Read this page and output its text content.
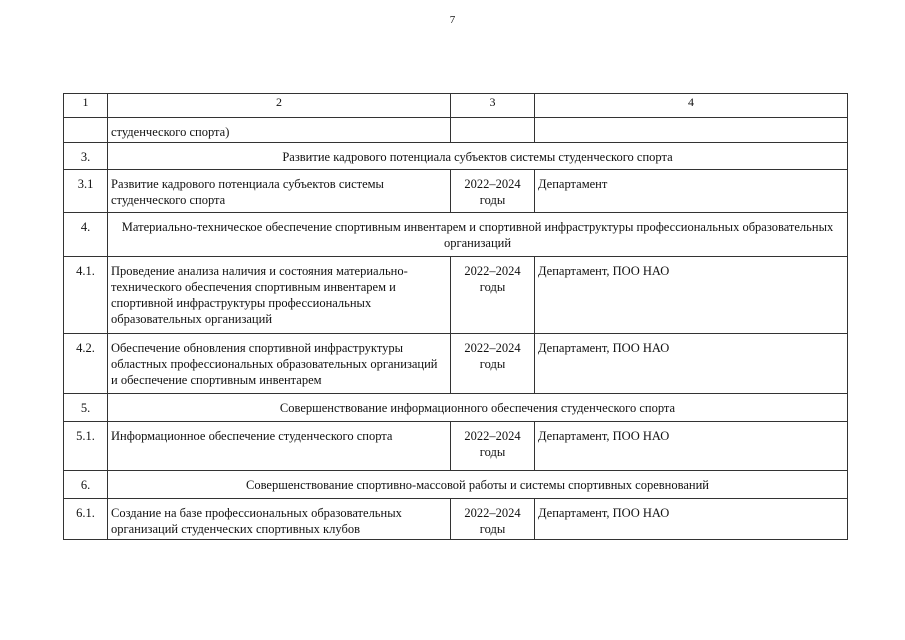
7
1	2	3	4
	студенческого спорта)		
3.	Развитие кадрового потенциала субъектов системы студенческого спорта		
3.1	Развитие кадрового потенциала субъектов системы студенческого спорта	2022–2024 годы	Департамент
4.	Материально-техническое обеспечение спортивным инвентарем и спортивной инфраструктуры профессиональных образовательных организаций		
4.1.	Проведение анализа наличия и состояния материально-технического обеспечения спортивным инвентарем и спортивной инфраструктуры профессиональных образовательных организаций	2022–2024 годы	Департамент, ПОО НАО
4.2.	Обеспечение обновления спортивной инфраструктуры областных профессиональных образовательных организаций и обеспечение спортивным инвентарем	2022–2024 годы	Департамент, ПОО НАО
5.	Совершенствование информационного обеспечения студенческого спорта		
5.1.	Информационное обеспечение студенческого спорта	2022–2024 годы	Департамент, ПОО НАО
6.	Совершенствование спортивно-массовой работы и системы спортивных соревнований		
6.1.	Создание на базе профессиональных образовательных организаций студенческих спортивных клубов	2022–2024 годы	Департамент, ПОО НАО
